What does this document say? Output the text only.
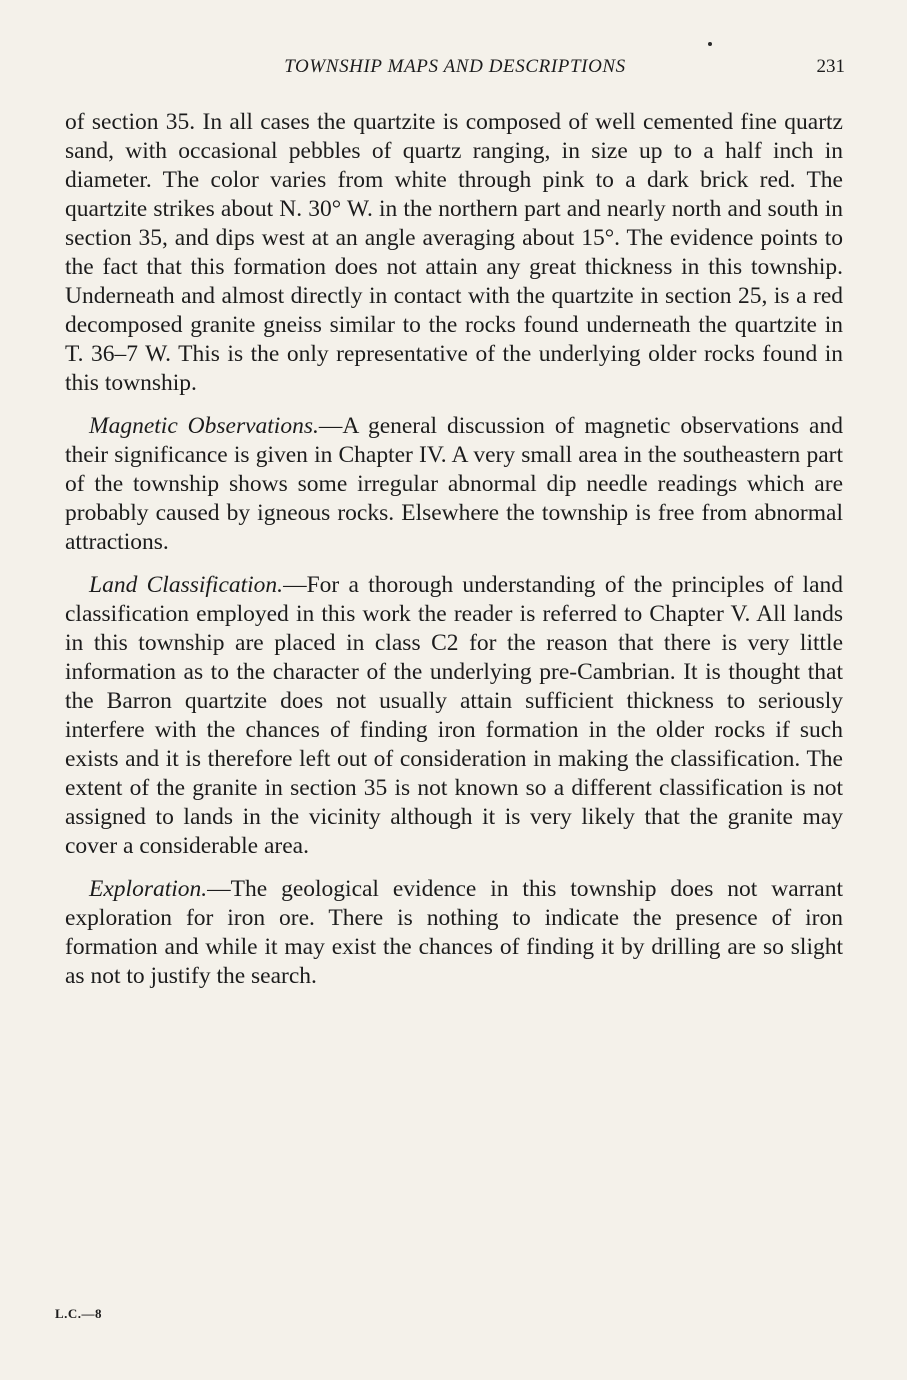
TOWNSHIP MAPS AND DESCRIPTIONS	231

of section 35. In all cases the quartzite is composed of well cemented fine quartz sand, with occasional pebbles of quartz ranging, in size up to a half inch in diameter. The color varies from white through pink to a dark brick red. The quartzite strikes about N. 30° W. in the northern part and nearly north and south in section 35, and dips west at an angle averaging about 15°. The evidence points to the fact that this formation does not attain any great thickness in this township. Underneath and almost directly in contact with the quartzite in section 25, is a red decomposed granite gneiss similar to the rocks found underneath the quartzite in T. 36–7 W. This is the only representative of the underlying older rocks found in this township.

Magnetic Observations.—A general discussion of magnetic observations and their significance is given in Chapter IV. A very small area in the southeastern part of the township shows some irregular abnormal dip needle readings which are probably caused by igneous rocks. Elsewhere the township is free from abnormal attractions.

Land Classification.—For a thorough understanding of the principles of land classification employed in this work the reader is referred to Chapter V. All lands in this township are placed in class C2 for the reason that there is very little information as to the character of the underlying pre-Cambrian. It is thought that the Barron quartzite does not usually attain sufficient thickness to seriously interfere with the chances of finding iron formation in the older rocks if such exists and it is therefore left out of consideration in making the classification. The extent of the granite in section 35 is not known so a different classification is not assigned to lands in the vicinity although it is very likely that the granite may cover a considerable area.

Exploration.—The geological evidence in this township does not warrant exploration for iron ore. There is nothing to indicate the presence of iron formation and while it may exist the chances of finding it by drilling are so slight as not to justify the search.

L.C.—8
